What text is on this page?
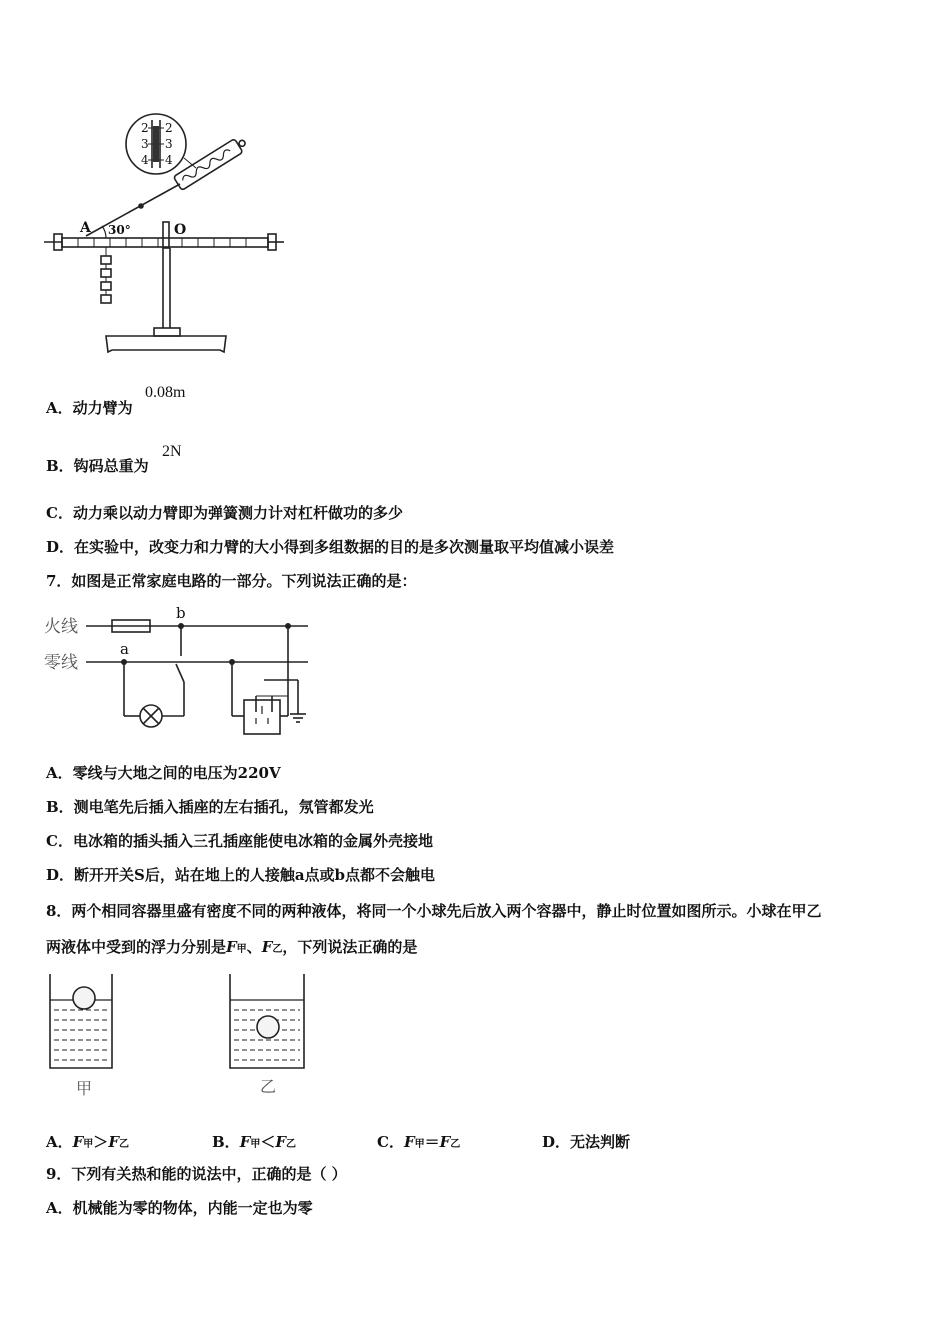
2
3
4
2
3
4
A 30°	O
A．动力臂为
0.08m
B．钩码总重为
2N
C．动力乘以动力臂即为弹簧测力计对杠杆做功的多少
D．在实验中，改变力和力臂的大小得到多组数据的目的是多次测量取平均值减小误差
7．如图是正常家庭电路的一部分。下列说法正确的是：
火线
零线
a
b
A．零线与大地之间的电压为220V
B．测电笔先后插入插座的左右插孔，氖管都发光
C．电冰箱的插头插入三孔插座能使电冰箱的金属外壳接地
D．断开开关S后，站在地上的人接触a点或b点都不会触电
8．两个相同容器里盛有密度不同的两种液体，将同一个小球先后放入两个容器中，静止时位置如图所示。小球在甲乙
两液体中受到的浮力分别是F甲、F乙，下列说法正确的是
甲	乙
A．F甲＞F乙	B．F甲＜F乙	C．F甲＝F乙	D．无法判断
9．下列有关热和能的说法中，正确的是（ ）
A．机械能为零的物体，内能一定也为零
